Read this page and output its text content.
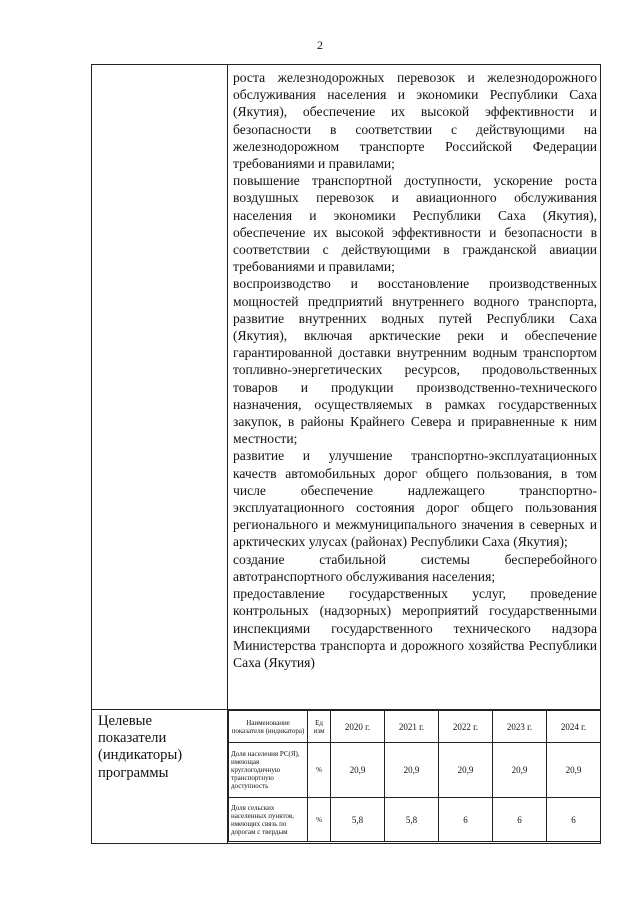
2

роста железнодорожных перевозок и железнодорожного обслуживания населения и экономики Республики Саха (Якутия), обеспечение их высокой эффективности и безопасности в соответствии с действующими на железнодорожном транспорте Российской Федерации требованиями и правилами;

повышение транспортной доступности, ускорение роста воздушных перевозок и авиационного обслуживания населения и экономики Республики Саха (Якутия), обеспечение их высокой эффективности и безопасности в соответствии с действующими в гражданской авиации требованиями и правилами;

воспроизводство и восстановление производственных мощностей предприятий внутреннего водного транспорта, развитие внутренних водных путей Республики Саха (Якутия), включая арктические реки и обеспечение гарантированной доставки внутренним водным транспортом топливно-энергетических ресурсов, продовольственных товаров и продукции производственно-технического назначения, осуществляемых в рамках государственных закупок, в районы Крайнего Севера и приравненные к ним местности;

развитие и улучшение транспортно-эксплуатационных качеств автомобильных дорог общего пользования, в том числе обеспечение надлежащего транспортно-эксплуатационного состояния дорог общего пользования регионального и межмуниципального значения в северных и арктических улусах (районах) Республики Саха (Якутия);

создание стабильной системы бесперебойного автотранспортного обслуживания населения;

предоставление государственных услуг, проведение контрольных (надзорных) мероприятий государственными инспекциями государственного технического надзора Министерства транспорта и дорожного хозяйства Республики Саха (Якутия)

Целевые показатели (индикаторы) программы
Наименование показателя (индикатора)	Ед изм	2020 г.	2021 г.	2022 г.	2023 г.	2024 г.
Доля населения РС(Я), имеющая круглогодичную транспортную доступность	%	20,9	20,9	20,9	20,9	20,9
Доля сельских населенных пунктов, имеющих связь по дорогам с твердым	%	5,8	5,8	6	6	6
